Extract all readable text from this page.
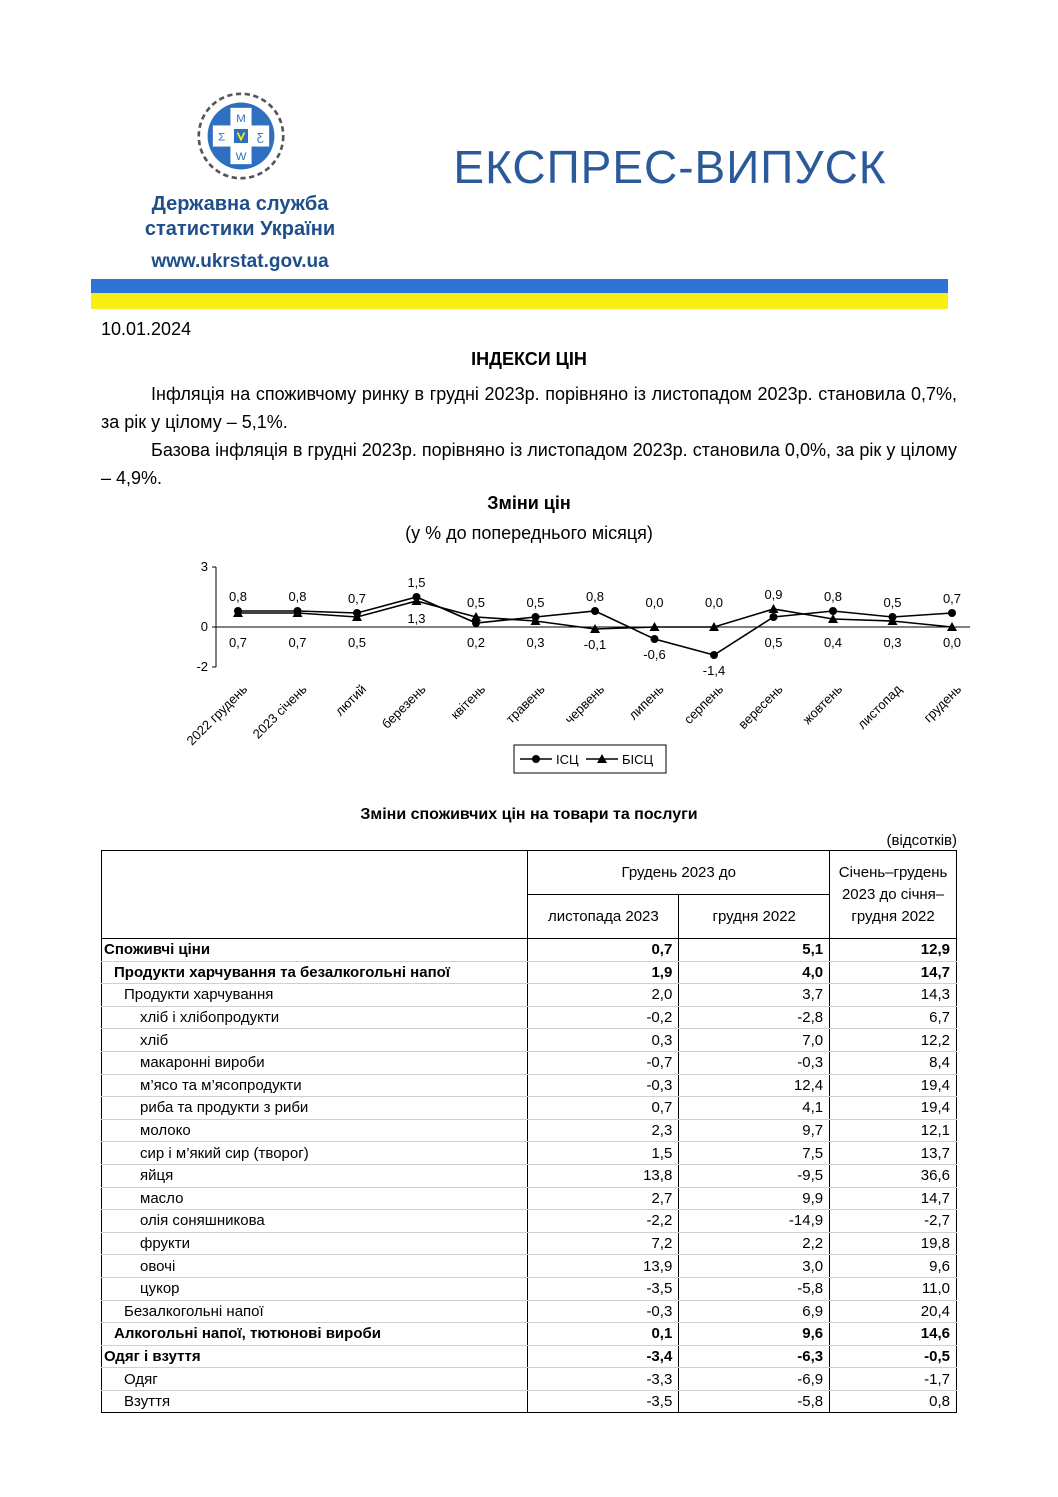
M
W
Σ Ƹ
Державна служба
статистики України
www.ukrstat.gov.ua
ЕКСПРЕС-ВИПУСК
10.01.2024
ІНДЕКСИ ЦІН
Інфляція на споживчому ринку в грудні 2023р. порівняно із листопадом 2023р. становила 0,7%, за рік у цілому – 5,1%.
Базова інфляція в грудні 2023р. порівняно із листопадом 2023р. становила 0,0%, за рік у цілому – 4,9%.
Зміни цін
(у % до попереднього місяця)
3
0
-2
2022 грудень 2023 січень лютий березень квітень травень червень липень серпень вересень жовтень листопад грудень
0,8
0,7
0,8
0,7
0,7
0,5
1,5
1,3
0,5
0,2
0,5
0,3
0,8
-0,1
0,0
-0,6
0,0
-1,4
0,9
0,5
0,8
0,4
0,5
0,3
0,7
0,0
ІСЦ	БІСЦ
Зміни споживчих цін на товари та послуги
(відсотків)
	Грудень 2023 до		Січень–грудень 2023 до січня–грудня 2022
	листопада 2023	грудня 2022	
Споживчі ціни	0,7	5,1	12,9
Продукти харчування та безалкогольні напої	1,9	4,0	14,7
Продукти харчування	2,0	3,7	14,3
хліб і хлібопродукти	-0,2	-2,8	6,7
хліб	0,3	7,0	12,2
макаронні вироби	-0,7	-0,3	8,4
м’ясо та м’ясопродукти	-0,3	12,4	19,4
риба та продукти з риби	0,7	4,1	19,4
молоко	2,3	9,7	12,1
сир і м’який сир (творог)	1,5	7,5	13,7
яйця	13,8	-9,5	36,6
масло	2,7	9,9	14,7
олія соняшникова	-2,2	-14,9	-2,7
фрукти	7,2	2,2	19,8
овочі	13,9	3,0	9,6
цукор	-3,5	-5,8	11,0
Безалкогольні напої	-0,3	6,9	20,4
Алкогольні напої, тютюнові вироби	0,1	9,6	14,6
Одяг і взуття	-3,4	-6,3	-0,5
Одяг	-3,3	-6,9	-1,7
Взуття	-3,5	-5,8	0,8
